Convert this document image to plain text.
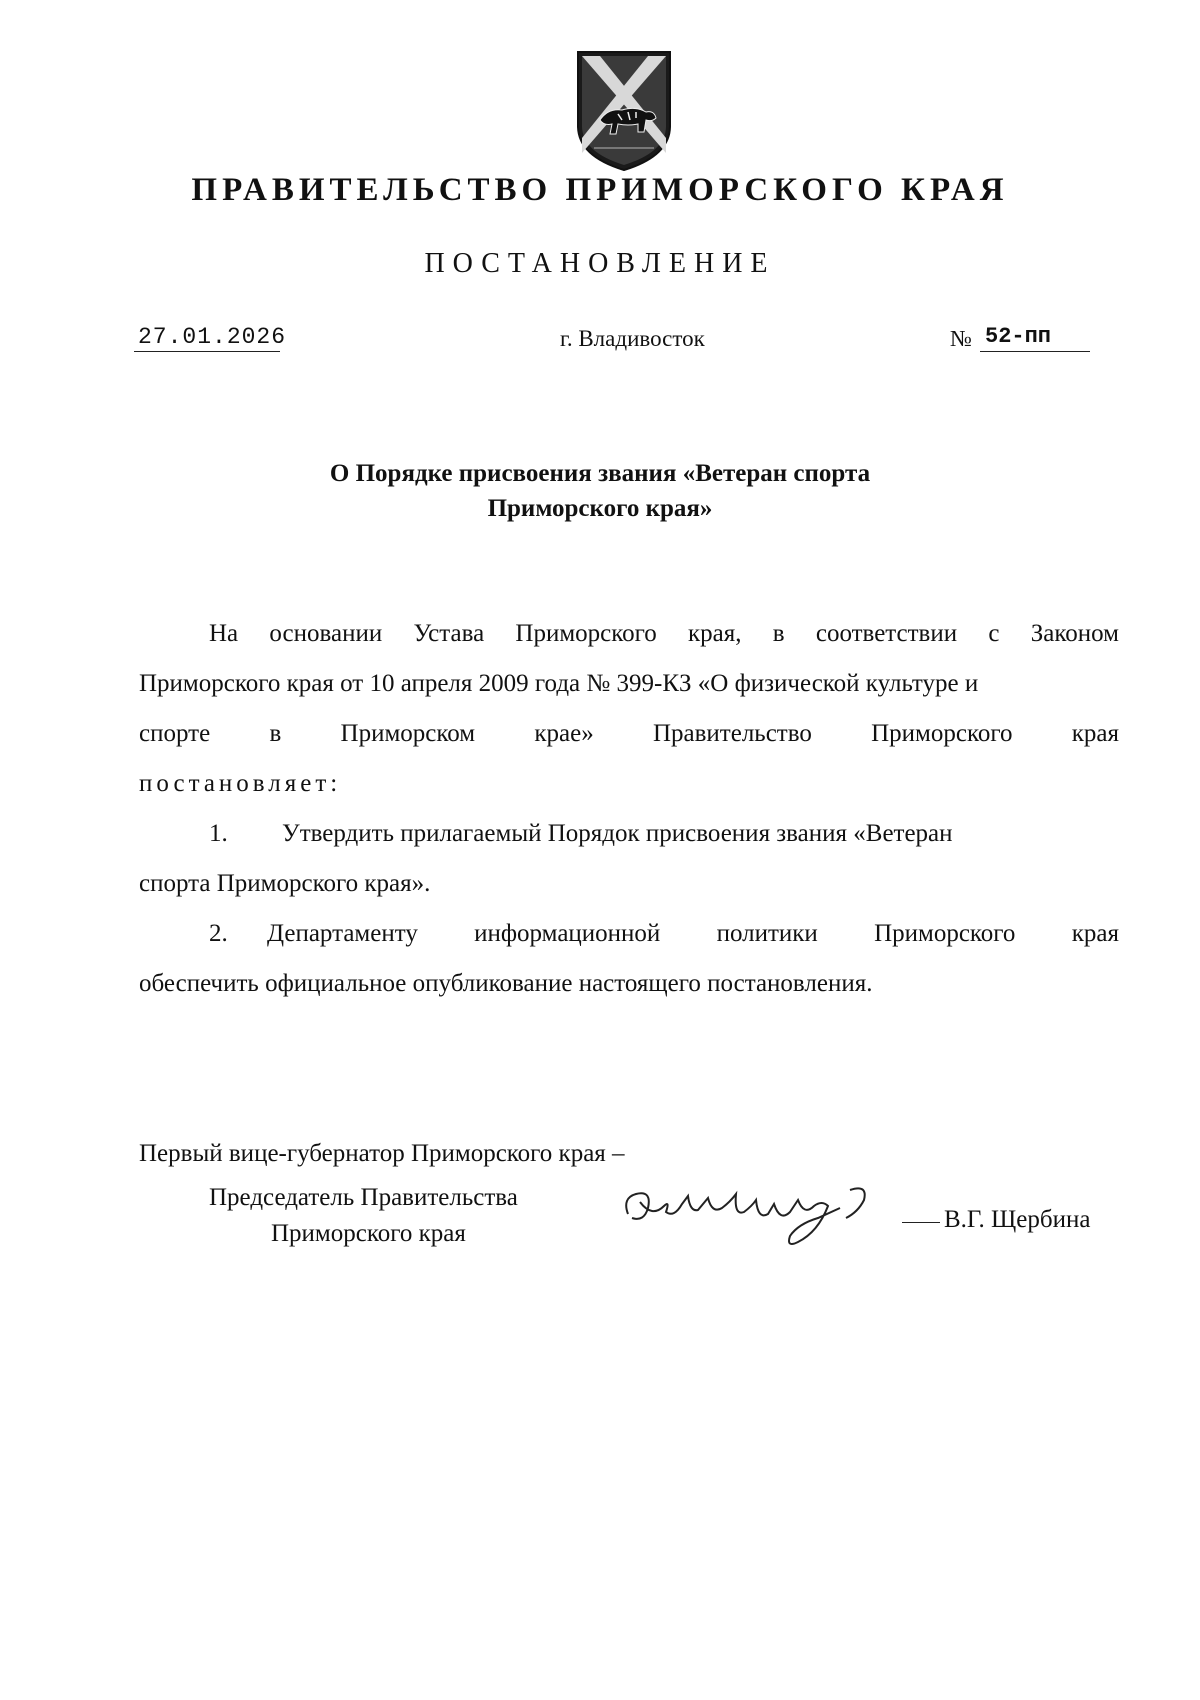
ПРАВИТЕЛЬСТВО ПРИМОРСКОГО КРАЯ
ПОСТАНОВЛЕНИЕ
27.01.2026	г. Владивосток	№ 52-пп
О Порядке присвоения звания «Ветеран спорта
Приморского края»
На основании Устава Приморского края, в соответствии с Законом
Приморского края от 10 апреля 2009 года № 399-КЗ «О физической культуре и
спорте в Приморском крае» Правительство Приморского края
постановляет:
1. Утвердить прилагаемый Порядок присвоения звания «Ветеран
спорта Приморского края».
2. Департаменту информационной политики Приморского края
обеспечить официальное опубликование настоящего постановления.
Первый вице-губернатор Приморского края –
Председатель Правительства
Приморского края
В.Г. Щербина
